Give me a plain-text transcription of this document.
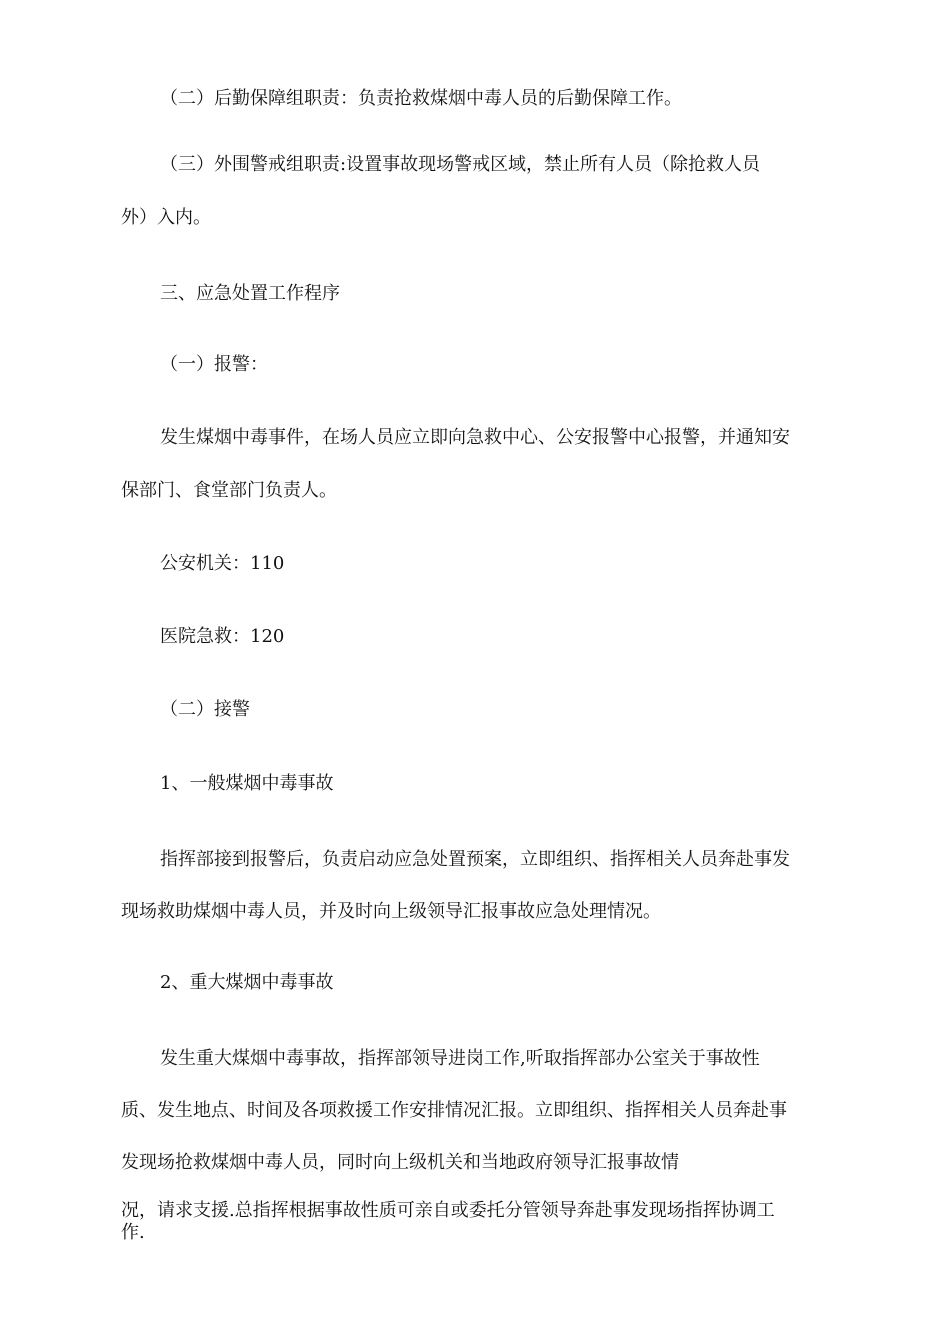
（二）后勤保障组职责：负责抢救煤烟中毒人员的后勤保障工作。
（三）外围警戒组职责:设置事故现场警戒区域，禁止所有人员（除抢救人员
外）入内。
三、应急处置工作程序
（一）报警：
发生煤烟中毒事件，在场人员应立即向急救中心、公安报警中心报警，并通知安
保部门、食堂部门负责人。
公安机关：110
医院急救：120
（二）接警
1、一般煤烟中毒事故
指挥部接到报警后，负责启动应急处置预案，立即组织、指挥相关人员奔赴事发
现场救助煤烟中毒人员，并及时向上级领导汇报事故应急处理情况。
2、重大煤烟中毒事故
发生重大煤烟中毒事故，指挥部领导进岗工作,听取指挥部办公室关于事故性
质、发生地点、时间及各项救援工作安排情况汇报。立即组织、指挥相关人员奔赴事
发现场抢救煤烟中毒人员，同时向上级机关和当地政府领导汇报事故情
况，请求支援.总指挥根据事故性质可亲自或委托分管领导奔赴事发现场指挥协调工
作.
